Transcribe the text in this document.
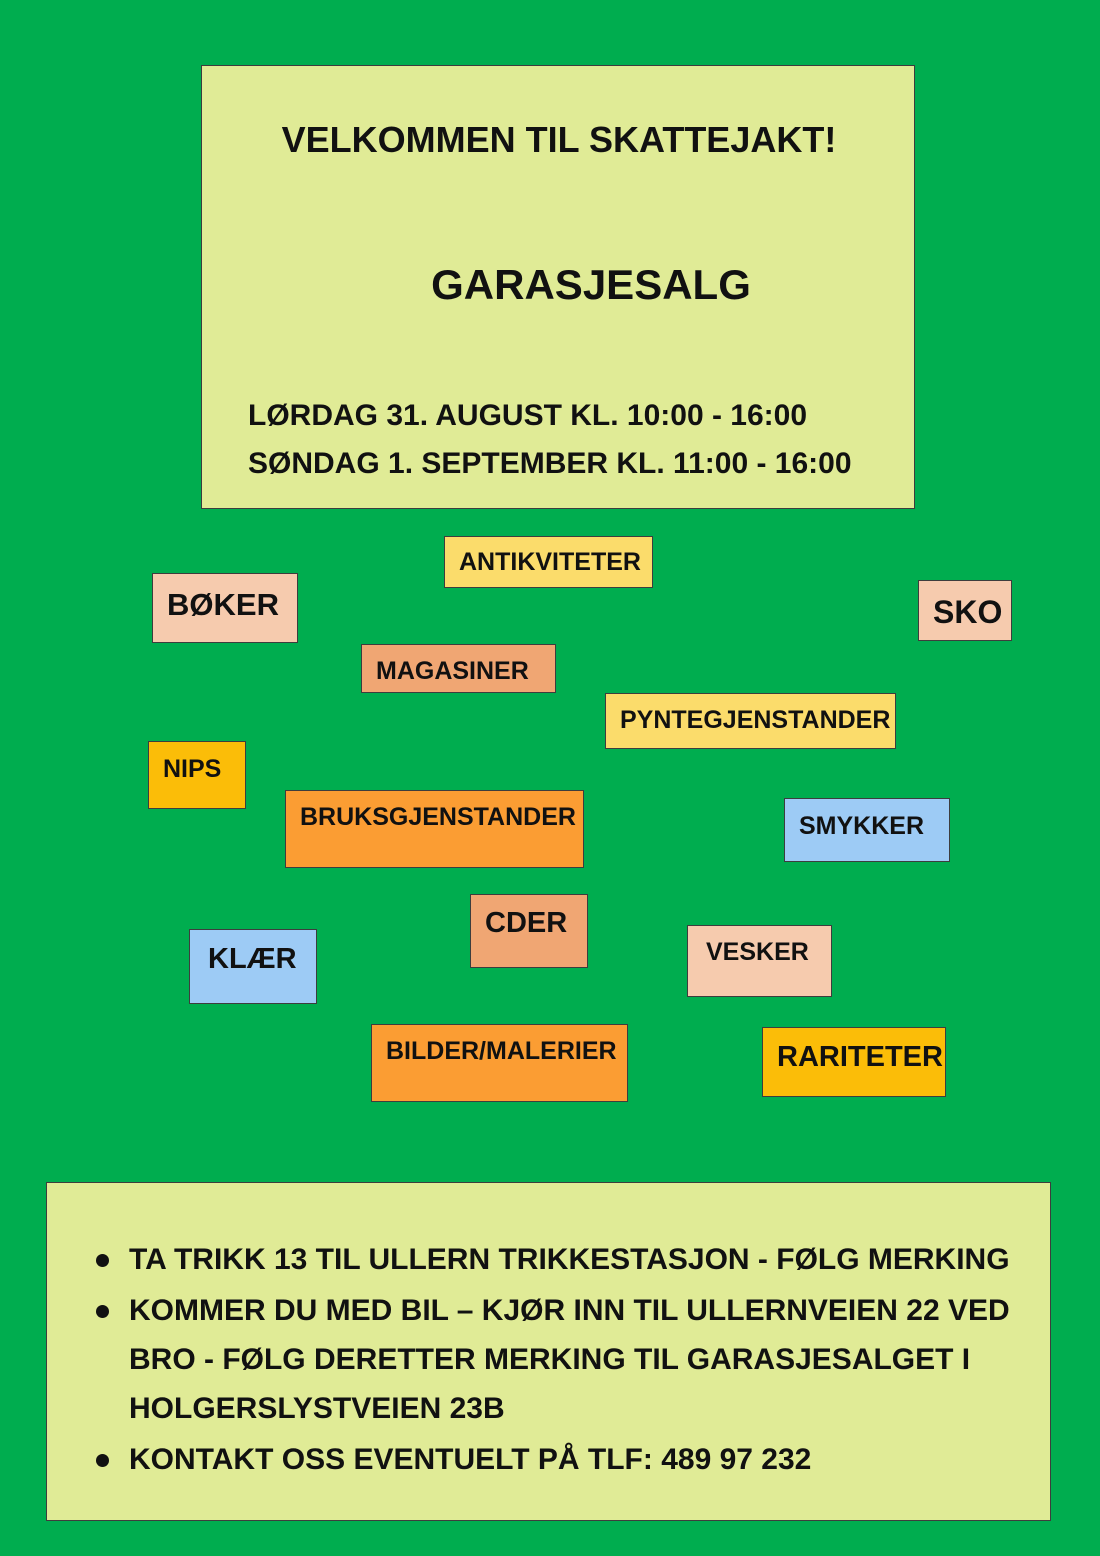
VELKOMMEN TIL SKATTEJAKT!

GARASJESALG

LØRDAG 31. AUGUST KL. 10:00 - 16:00

SØNDAG 1. SEPTEMBER KL. 11:00 - 16:00

ANTIKVITETER
BØKER	SKO
MAGASINER
PYNTEGJENSTANDER
NIPS
BRUKSGJENSTANDER	SMYKKER
CDER
KLÆR	VESKER
BILDER/MALERIER	RARITETER
TA TRIKK 13 TIL ULLERN TRIKKESTASJON - FØLG MERKING
KOMMER DU MED BIL – KJØR INN TIL ULLERNVEIEN 22 VED BRO - FØLG DERETTER MERKING TIL GARASJESALGET I HOLGERSLYSTVEIEN 23B
KONTAKT OSS EVENTUELT PÅ TLF: 489 97 232
